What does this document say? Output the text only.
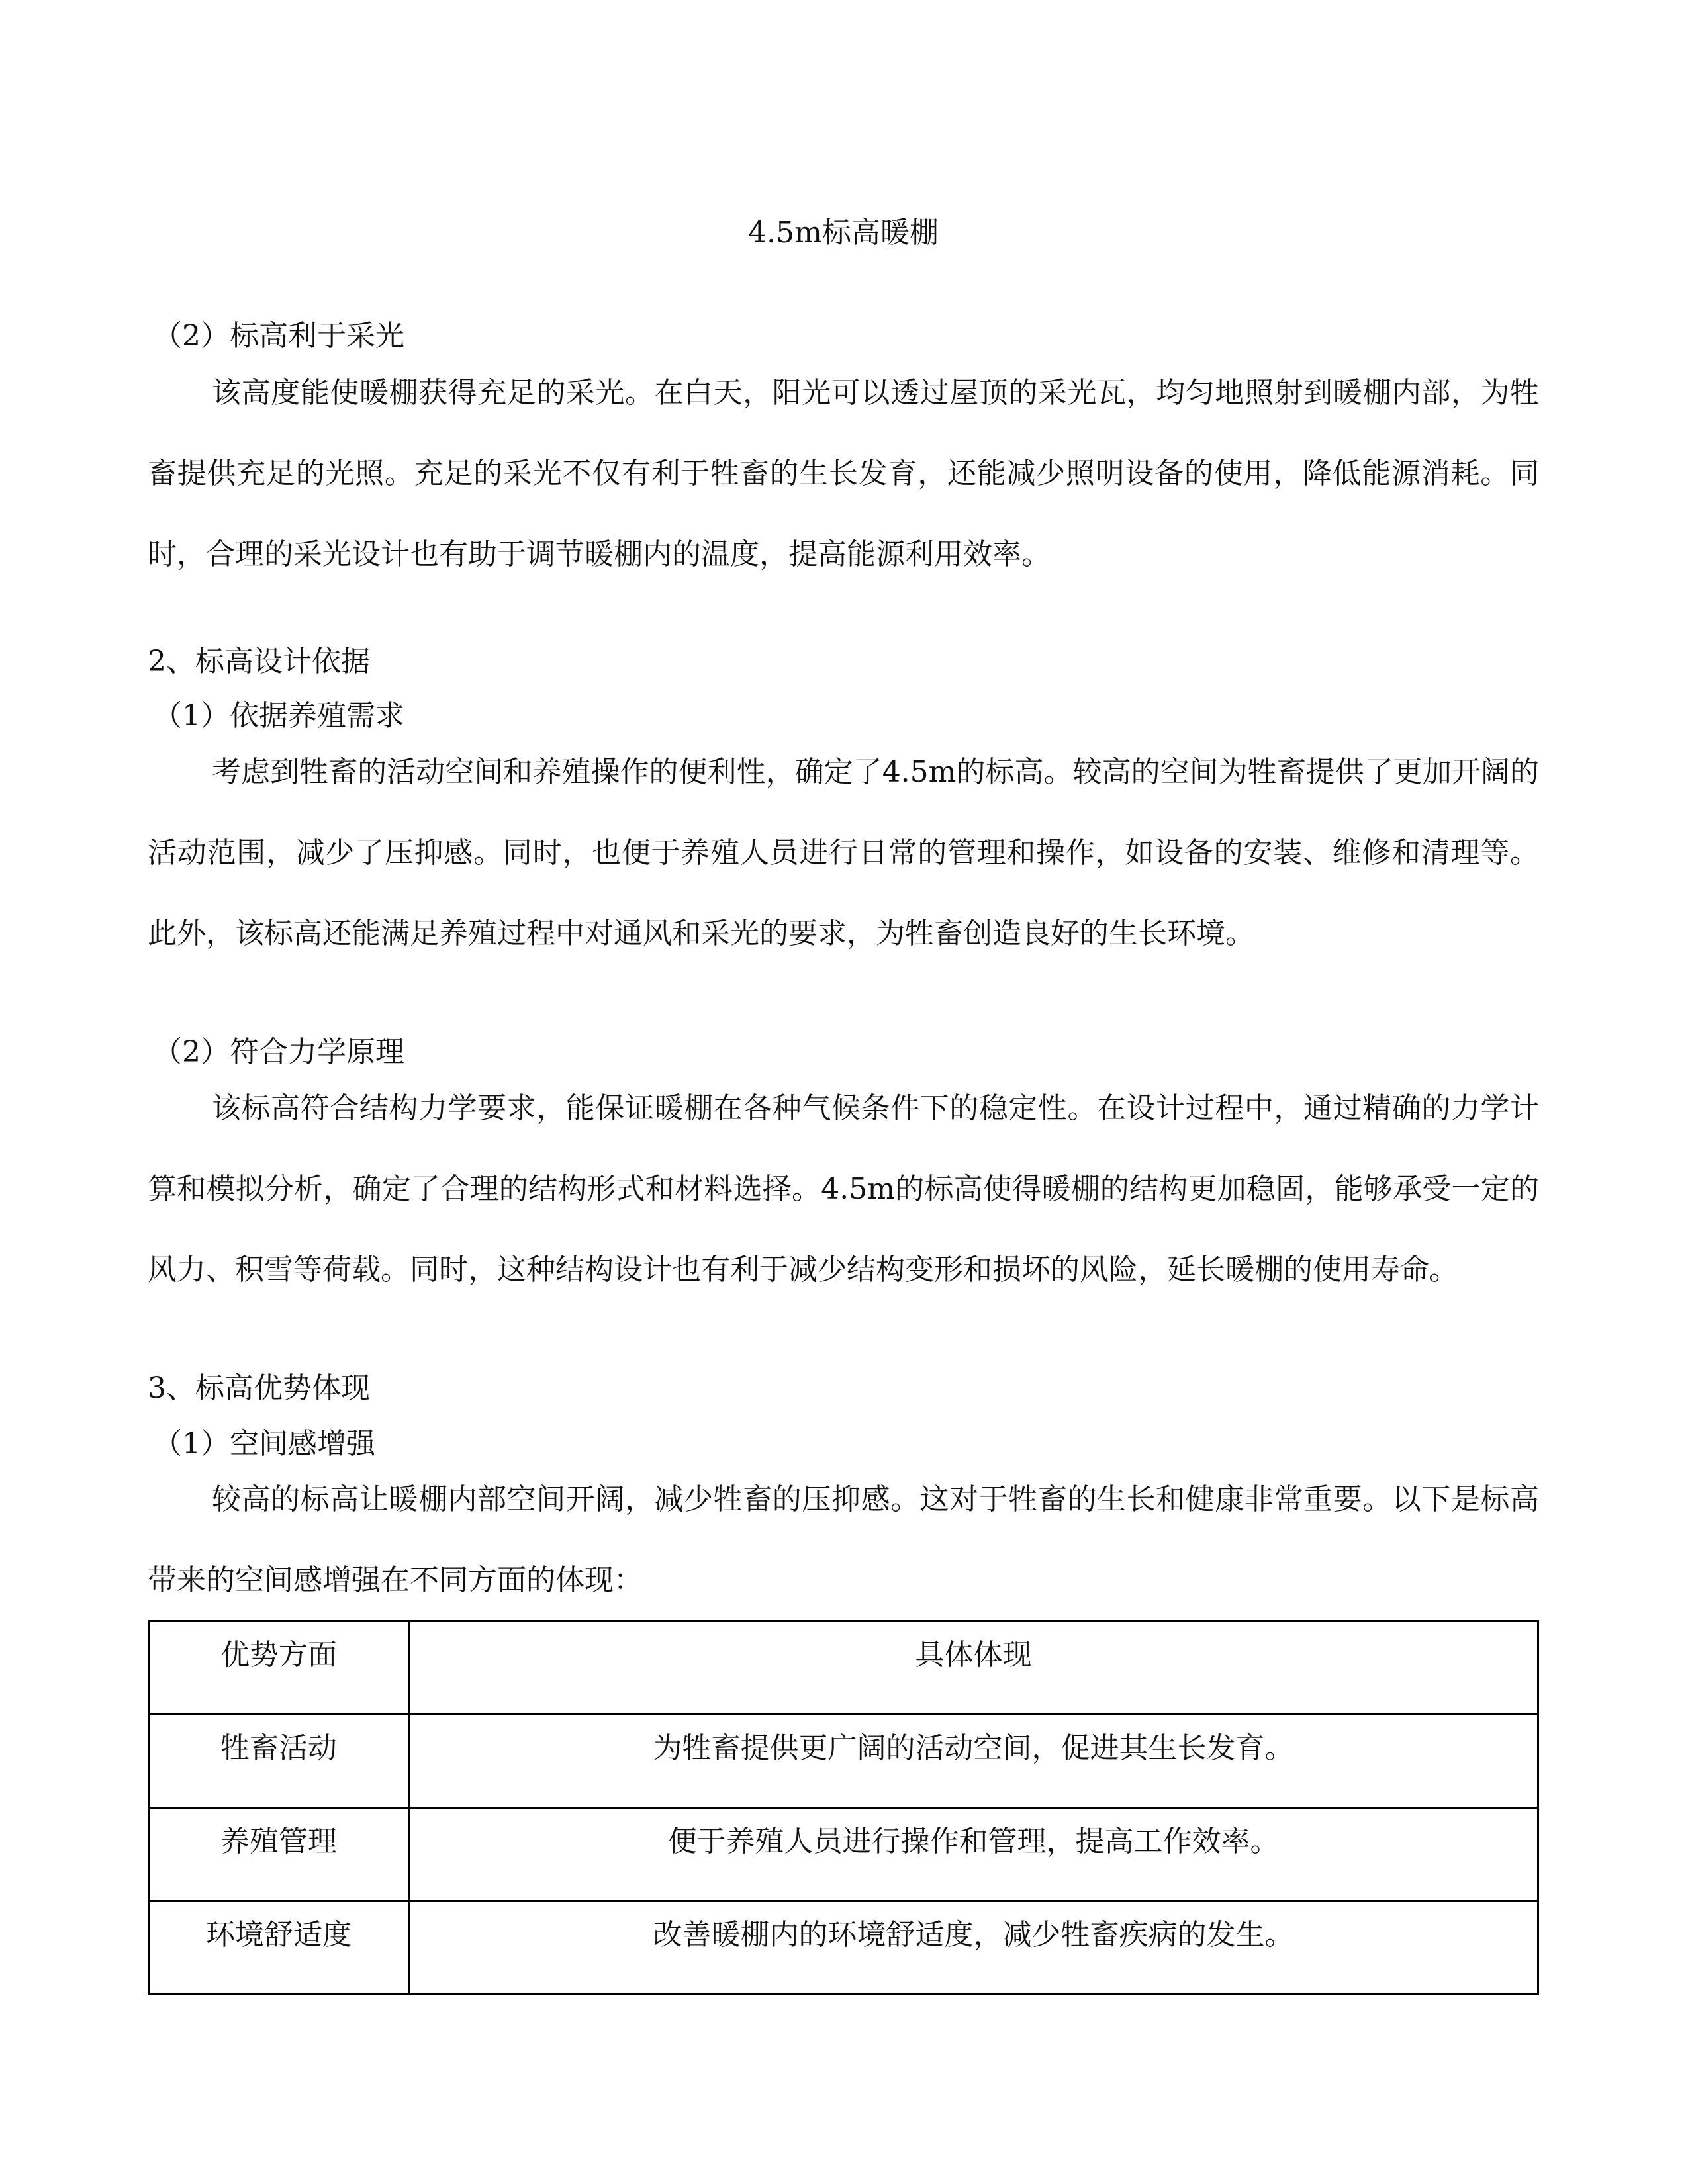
4.5m标高暖棚
（2）标高利于采光

该高度能使暖棚获得充足的采光。在白天，阳光可以透过屋顶的采光瓦，均匀地照射到暖棚内部，为牲畜提供充足的光照。充足的采光不仅有利于牲畜的生长发育，还能减少照明设备的使用，降低能源消耗。同时，合理的采光设计也有助于调节暖棚内的温度，提高能源利用效率。

2、标高设计依据
（1）依据养殖需求

考虑到牲畜的活动空间和养殖操作的便利性，确定了4.5m的标高。较高的空间为牲畜提供了更加开阔的活动范围，减少了压抑感。同时，也便于养殖人员进行日常的管理和操作，如设备的安装、维修和清理等。此外，该标高还能满足养殖过程中对通风和采光的要求，为牲畜创造良好的生长环境。

（2）符合力学原理

该标高符合结构力学要求，能保证暖棚在各种气候条件下的稳定性。在设计过程中，通过精确的力学计算和模拟分析，确定了合理的结构形式和材料选择。4.5m的标高使得暖棚的结构更加稳固，能够承受一定的风力、积雪等荷载。同时，这种结构设计也有利于减少结构变形和损坏的风险，延长暖棚的使用寿命。

3、标高优势体现
（1）空间感增强

较高的标高让暖棚内部空间开阔，减少牲畜的压抑感。这对于牲畜的生长和健康非常重要。以下是标高带来的空间感增强在不同方面的体现：

优势方面	具体体现
牲畜活动	为牲畜提供更广阔的活动空间，促进其生长发育。
养殖管理	便于养殖人员进行操作和管理，提高工作效率。
环境舒适度	改善暖棚内的环境舒适度，减少牲畜疾病的发生。
